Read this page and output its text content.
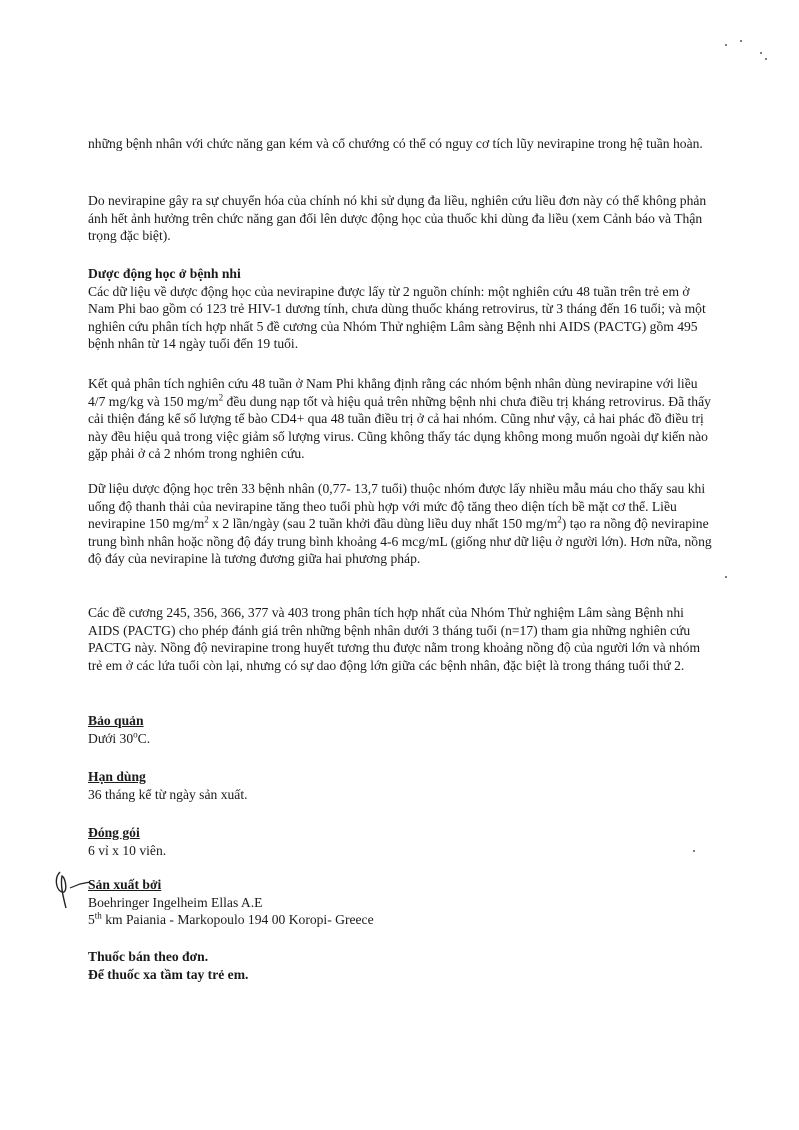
những bệnh nhân với chức năng gan kém và cổ chướng có thể có nguy cơ tích lũy nevirapine trong hệ tuần hoàn.

Do nevirapine gây ra sự chuyển hóa của chính nó khi sử dụng đa liều, nghiên cứu liều đơn này có thể không phản ánh hết ảnh hưởng trên chức năng gan đối lên dược động học của thuốc khi dùng đa liều (xem Cảnh báo và Thận trọng đặc biệt).

Dược động học ở bệnh nhi

Các dữ liệu về dược động học của nevirapine được lấy từ 2 nguồn chính: một nghiên cứu 48 tuần trên trẻ em ở Nam Phi bao gồm có 123 trẻ HIV-1 dương tính, chưa dùng thuốc kháng retrovirus, từ 3 tháng đến 16 tuổi; và một nghiên cứu phân tích hợp nhất 5 đề cương của Nhóm Thử nghiệm Lâm sàng Bệnh nhi AIDS (PACTG) gồm 495 bệnh nhân từ 14 ngày tuổi đến 19 tuổi.

Kết quả phân tích nghiên cứu 48 tuần ở Nam Phi khẳng định rằng các nhóm bệnh nhân dùng nevirapine với liều 4/7 mg/kg và 150 $mg/m^2$ đều dung nạp tốt và hiệu quả trên những bệnh nhi chưa điều trị kháng retrovirus. Đã thấy cải thiện đáng kể số lượng tế bào CD4+ qua 48 tuần điều trị ở cả hai nhóm. Cũng như vậy, cả hai phác đồ điều trị này đều hiệu quả trong việc giảm số lượng virus. Cũng không thấy tác dụng không mong muốn ngoài dự kiến nào gặp phải ở cả 2 nhóm trong nghiên cứu.

Dữ liệu dược động học trên 33 bệnh nhân (0,77- 13,7 tuổi) thuộc nhóm được lấy nhiều mẫu máu cho thấy sau khi uống độ thanh thải của nevirapine tăng theo tuổi phù hợp với mức độ tăng theo diện tích bề mặt cơ thể. Liều nevirapine 150 $mg/m^2$ x 2 lần/ngày (sau 2 tuần khởi đầu dùng liều duy nhất 150 $mg/m^2$) tạo ra nồng độ nevirapine trung bình nhân hoặc nồng độ đáy trung bình khoảng 4-6 mcg/mL (giống như dữ liệu ở người lớn). Hơn nữa, nồng độ đáy của nevirapine là tương đương giữa hai phương pháp.

Các đề cương 245, 356, 366, 377 và 403 trong phân tích hợp nhất của Nhóm Thử nghiệm Lâm sàng Bệnh nhi AIDS (PACTG) cho phép đánh giá trên những bệnh nhân dưới 3 tháng tuổi (n=17) tham gia những nghiên cứu PACTG này. Nồng độ nevirapine trong huyết tương thu được nằm trong khoảng nồng độ của người lớn và nhóm trẻ em ở các lứa tuổi còn lại, nhưng có sự dao động lớn giữa các bệnh nhân, đặc biệt là trong tháng tuổi thứ 2.

Bảo quản

Dưới 30$^o$C.

Hạn dùng

36 tháng kể từ ngày sản xuất.

Đóng gói

6 vỉ x 10 viên.

Sản xuất bởi

Boehringer Ingelheim Ellas A.E

5th km Paiania - Markopoulo 194 00 Koropi- Greece

Thuốc bán theo đơn.

Để thuốc xa tầm tay trẻ em.
